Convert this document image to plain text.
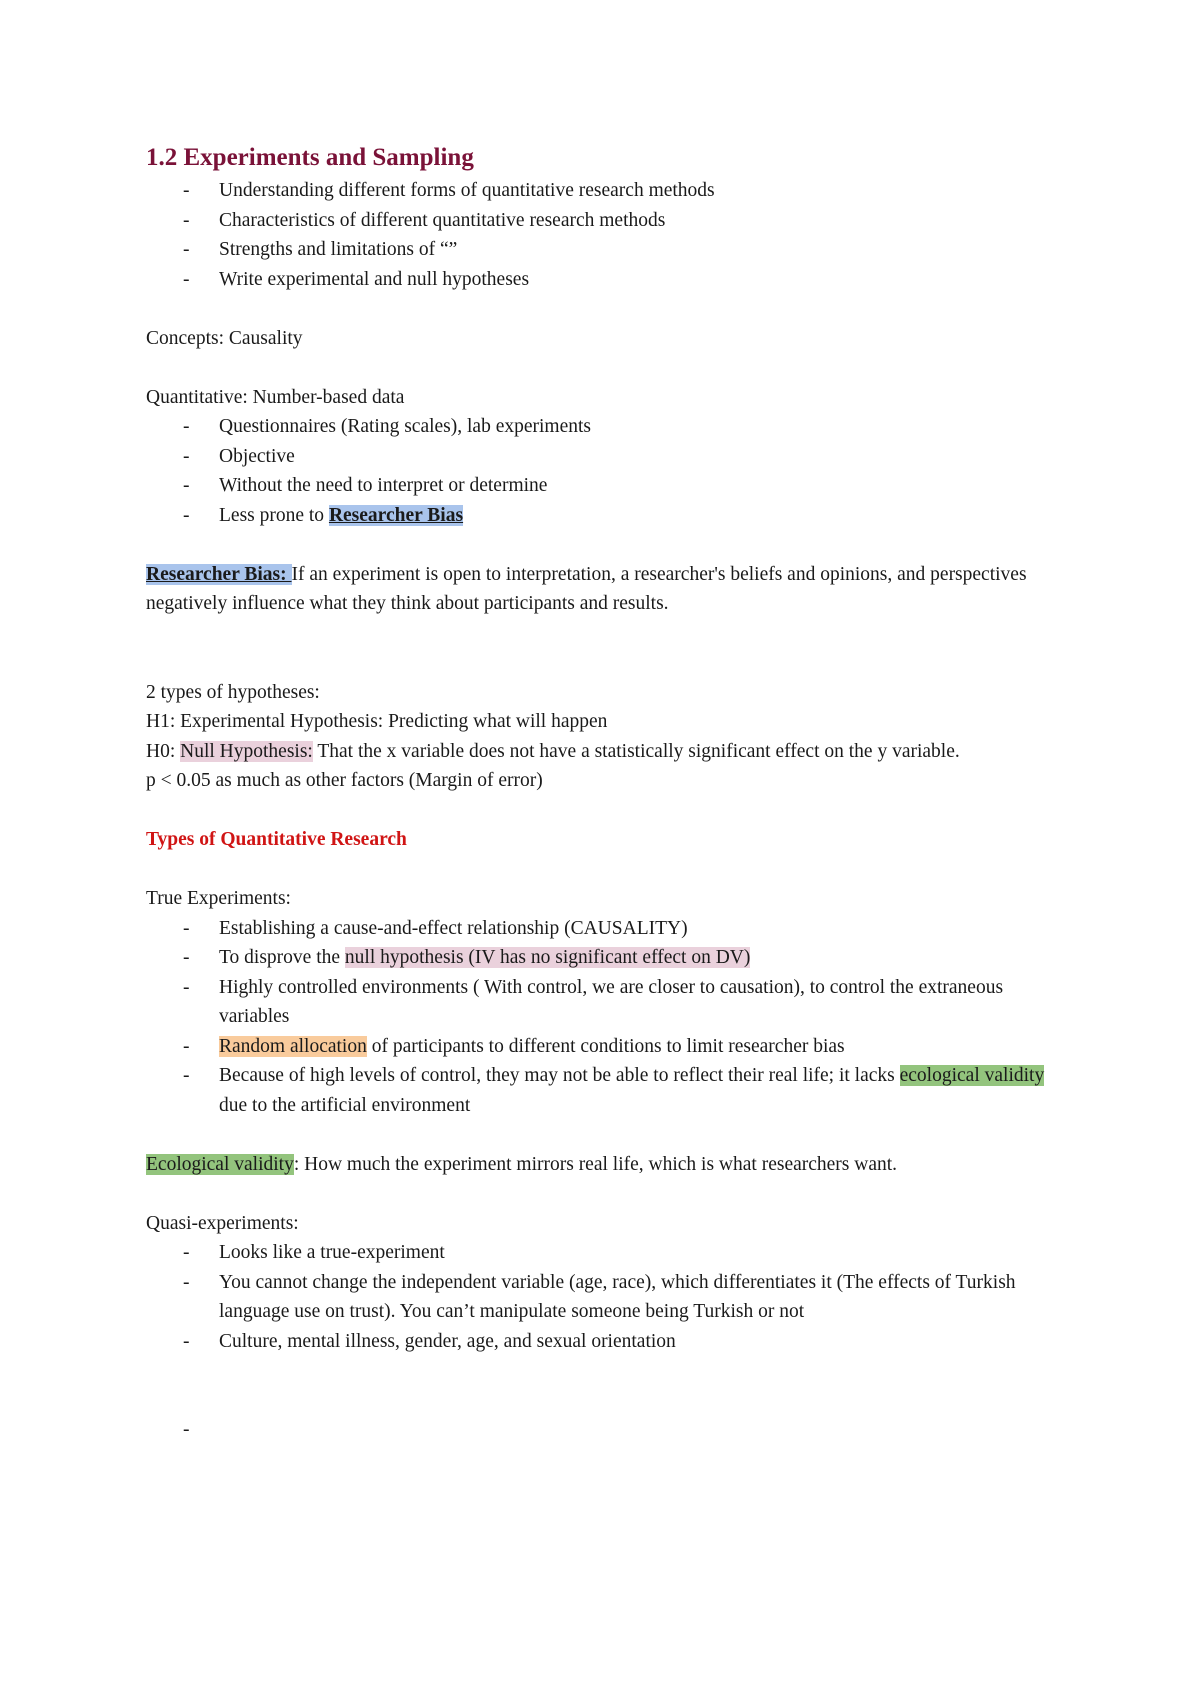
1.2 Experiments and Sampling
- Understanding different forms of quantitative research methods
- Characteristics of different quantitative research methods
- Strengths and limitations of “”
- Write experimental and null hypotheses
Concepts: Causality
Quantitative: Number-based data
- Questionnaires (Rating scales), lab experiments
- Objective
- Without the need to interpret or determine
- Less prone to Researcher Bias
Researcher Bias: If an experiment is open to interpretation, a researcher's beliefs and opinions, and perspectives negatively influence what they think about participants and results.
2 types of hypotheses:
H1: Experimental Hypothesis: Predicting what will happen
H0: Null Hypothesis: That the x variable does not have a statistically significant effect on the y variable.
p < 0.05 as much as other factors (Margin of error)
Types of Quantitative Research
True Experiments:
- Establishing a cause-and-effect relationship (CAUSALITY)
- To disprove the null hypothesis (IV has no significant effect on DV)
- Highly controlled environments ( With control, we are closer to causation), to control the extraneous variables
- Random allocation of participants to different conditions to limit researcher bias
- Because of high levels of control, they may not be able to reflect their real life; it lacks ecological validity due to the artificial environment
Ecological validity: How much the experiment mirrors real life, which is what researchers want.
Quasi-experiments:
- Looks like a true-experiment
- You cannot change the independent variable (age, race), which differentiates it (The effects of Turkish language use on trust). You can’t manipulate someone being Turkish or not
- Culture, mental illness, gender, age, and sexual orientation
-
